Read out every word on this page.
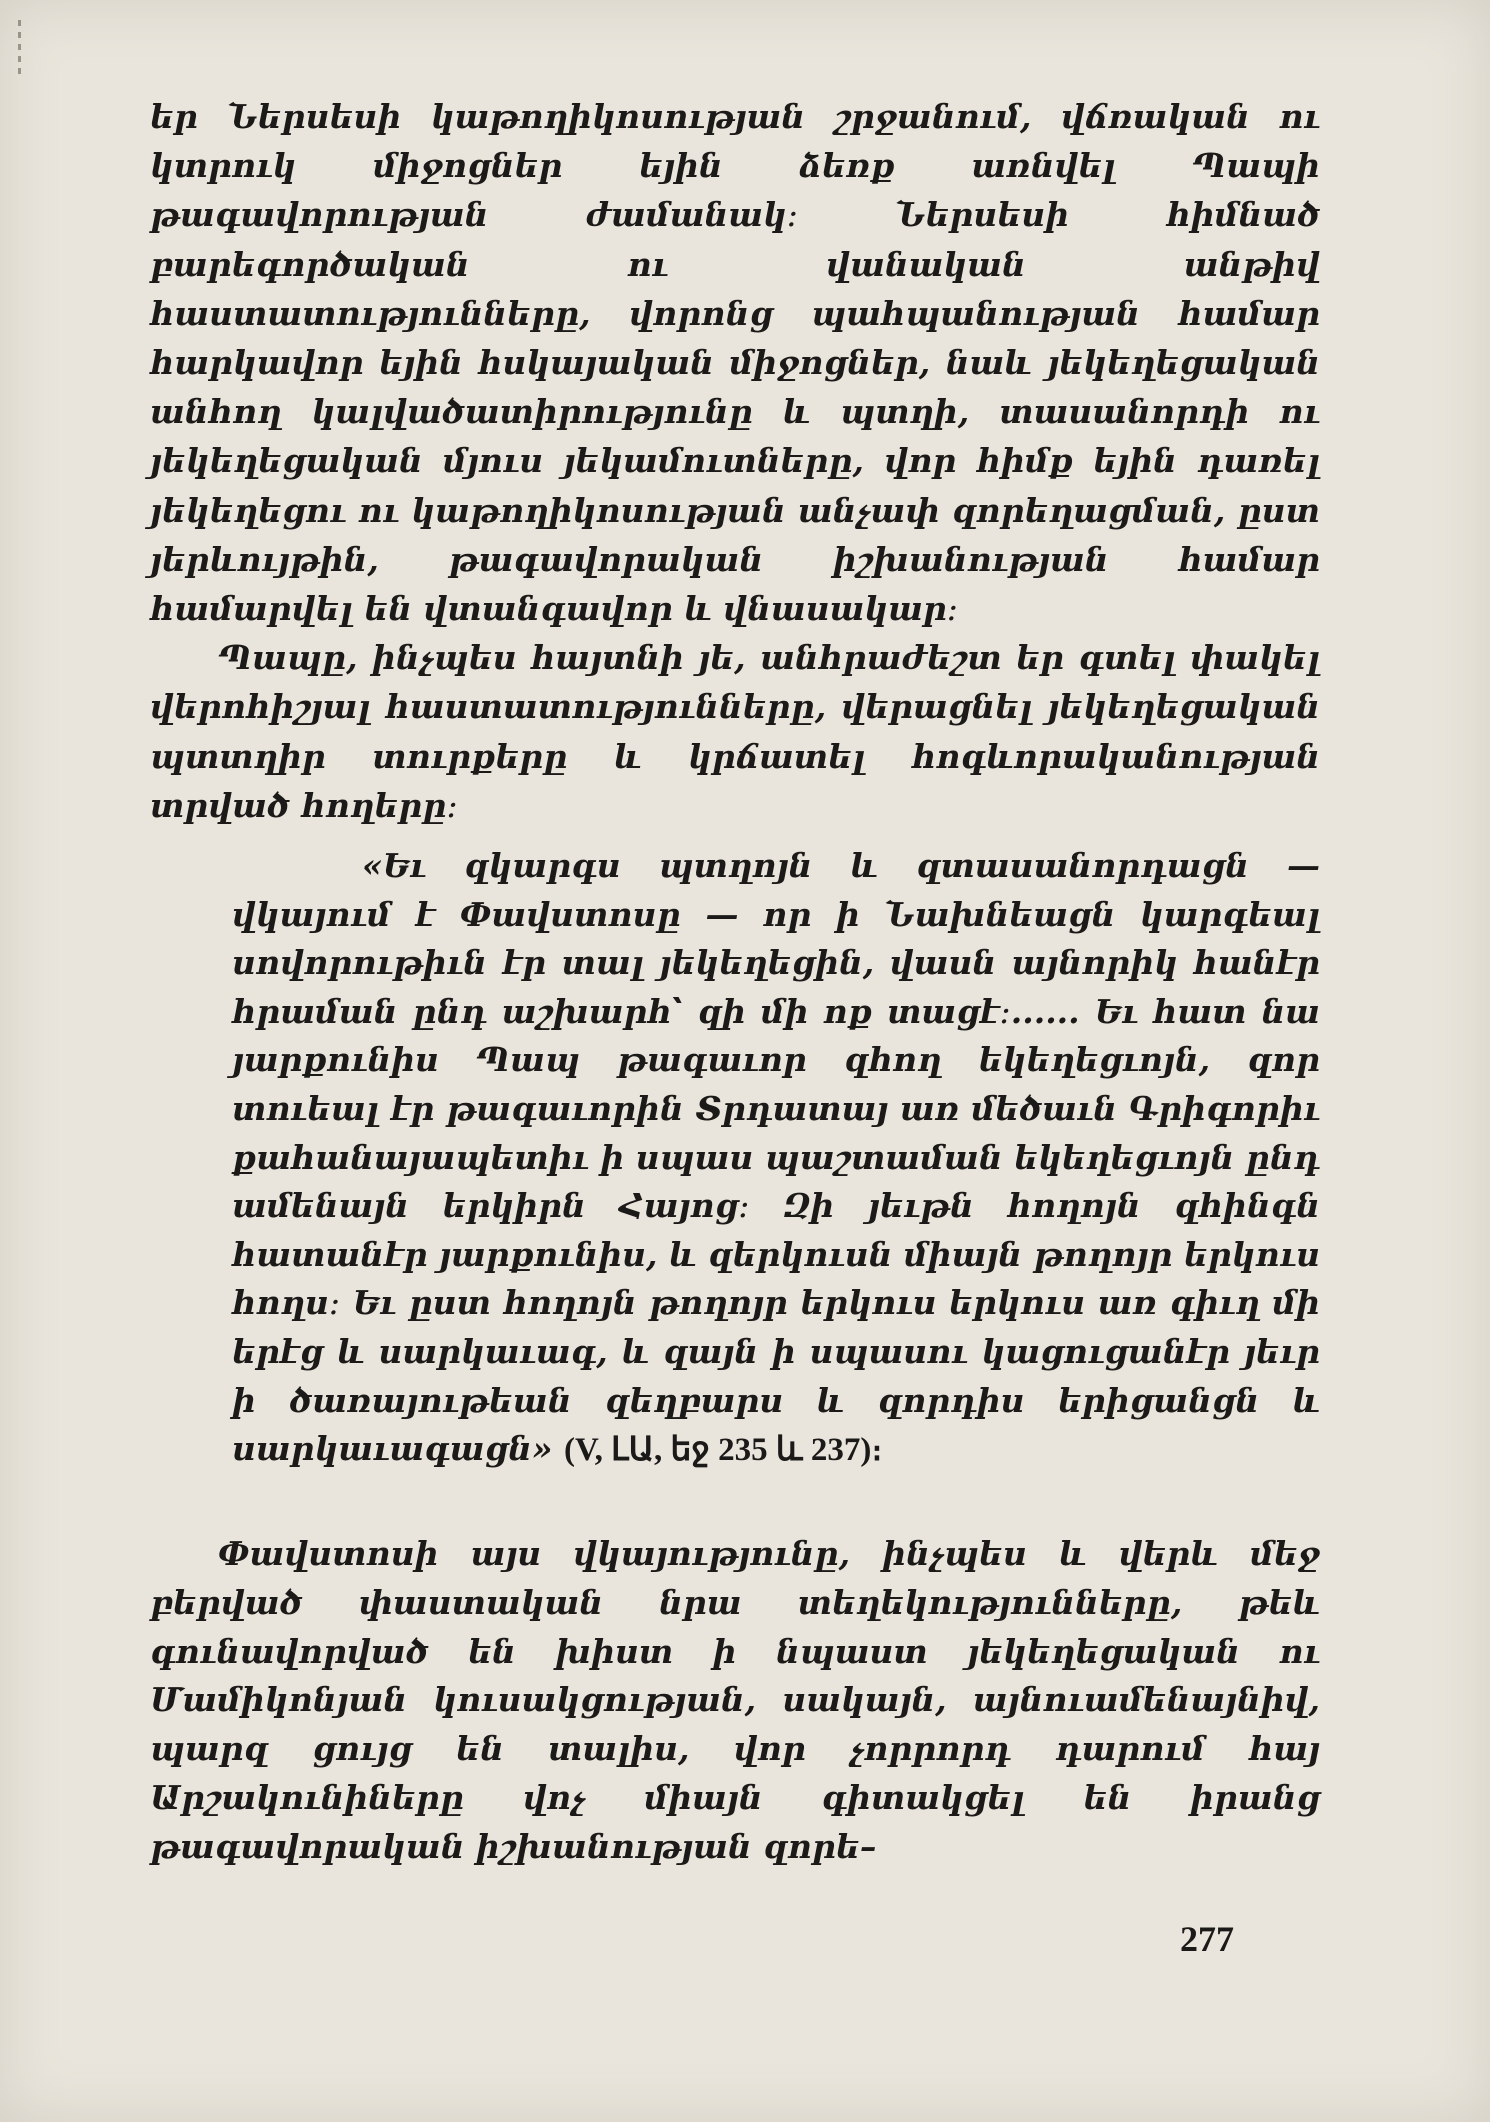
եր Ներսեսի կաթողիկոսության շրջանում, վճռական ու կտրուկ միջոցներ եյին ձեռք առնվել Պապի թագավորության ժամանակ։ Ներսեսի հիմնած բարեգործական ու վանական անթիվ հաստատությունները, վորոնց պահպանության համար հարկավոր եյին հսկայական միջոցներ, նաև յեկեղեցական անհող կալվածատիրությունը և պտղի, տասանորդի ու յեկեղեցական մյուս յեկամուտները, վոր հիմք եյին դառել յեկեղեցու ու կաթողիկոսության անչափ զորեղացման, ըստ յերևույթին, թագավորական իշխանության համար համարվել են վտանգավոր և վնասակար։

Պապը, ինչպես հայտնի յե, անհրաժեշտ եր գտել փակել վերոհիշյալ հաստատությունները, վերացնել յեկեղեցական պտտղիր տուրքերը և կրճատել հոգևորականության տրված հողերը։

«Եւ զկարգս պտղոյն և զտասանորդացն — վկայում է Փավստոսը — որ ի Նախնեացն կարգեալ սովորութիւն էր տալ յեկեղեցին, վասն այնորիկ հանէր հրաման ընդ աշխարհ՝ զի մի ոք տացէ։...... Եւ հատ նա յարքունիս Պապ թագաւոր զհող եկեղեցւոյն, զոր տուեալ էր թագաւորին Տրդատայ առ մեծաւն Գրիգորիւ քահանայապետիւ ի սպաս պաշտաման եկեղեցւոյն ընդ ամենայն երկիրն Հայոց։ Զի յեւթն հողոյն զհինգն հատանէր յարքունիս, և զերկուսն միայն թողոյր երկուս հողս։ Եւ ըստ հողոյն թողոյր երկուս երկուս առ գիւղ մի երէց և սարկաւագ, և զայն ի սպասու կացուցանէր յեւր ի ծառայութեան զեղբարս և զորդիս երիցանցն և սարկաւագացն» (V, ԼԱ, եջ 235 և 237)։

Փավստոսի այս վկայությունը, ինչպես և վերև մեջ բերված փաստական նրա տեղեկությունները, թեև գունավորված են խիստ ի նպաստ յեկեղեցական ու Մամիկոնյան կուսակցության, սակայն, այնուամենայնիվ, պարզ ցույց են տալիս, վոր չորրորդ դարում հայ Արշակունիները վոչ միայն գիտակցել են իրանց թագավորական իշխանության զորե–

277
